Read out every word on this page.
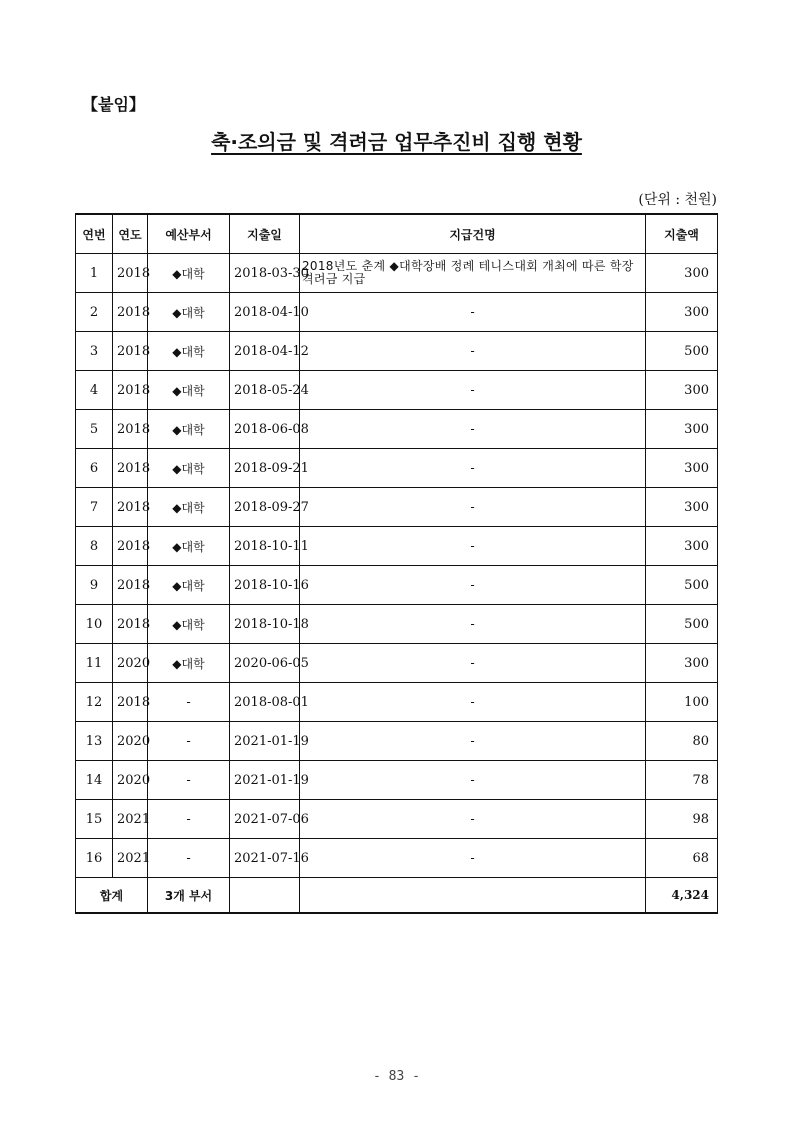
【붙임】
축·조의금 및 격려금 업무추진비 집행 현황
(단위 : 천원)
연번	연도	예산부서	지출일	지급건명	지출액
1	2018	◆대학	2018-03-30	2018년도 춘계 ◆대학장배 정례 테니스대회 개최에 따른 학장격려금 지급	300
2	2018	◆대학	2018-04-10	-	300
3	2018	◆대학	2018-04-12	-	500
4	2018	◆대학	2018-05-24	-	300
5	2018	◆대학	2018-06-08	-	300
6	2018	◆대학	2018-09-21	-	300
7	2018	◆대학	2018-09-27	-	300
8	2018	◆대학	2018-10-11	-	300
9	2018	◆대학	2018-10-16	-	500
10	2018	◆대학	2018-10-18	-	500
11	2020	◆대학	2020-06-05	-	300
12	2018	-	2018-08-01	-	100
13	2020	-	2021-01-19	-	80
14	2020	-	2021-01-19	-	78
15	2021	-	2021-07-06	-	98
16	2021	-	2021-07-16	-	68
합계		3개 부서			4,324
- 83 -
